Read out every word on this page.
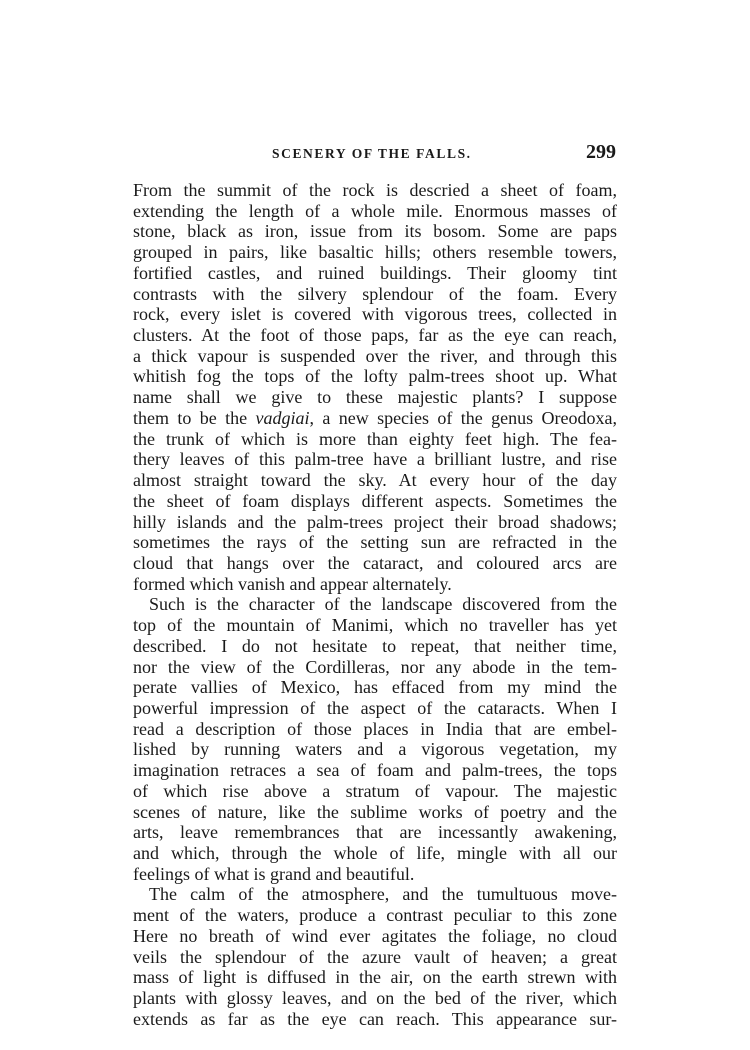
SCENERY OF THE FALLS.	299
From the summit of the rock is descried a sheet of foam,
extending the length of a whole mile. Enormous masses of
stone, black as iron, issue from its bosom. Some are paps
grouped in pairs, like basaltic hills; others resemble towers,
fortified castles, and ruined buildings. Their gloomy tint
contrasts with the silvery splendour of the foam. Every
rock, every islet is covered with vigorous trees, collected in
clusters. At the foot of those paps, far as the eye can reach,
a thick vapour is suspended over the river, and through this
whitish fog the tops of the lofty palm-trees shoot up. What
name shall we give to these majestic plants? I suppose
them to be the vadgiai, a new species of the genus Oreodoxa,
the trunk of which is more than eighty feet high. The fea-
thery leaves of this palm-tree have a brilliant lustre, and rise
almost straight toward the sky. At every hour of the day
the sheet of foam displays different aspects. Sometimes the
hilly islands and the palm-trees project their broad shadows;
sometimes the rays of the setting sun are refracted in the
cloud that hangs over the cataract, and coloured arcs are
formed which vanish and appear alternately.
Such is the character of the landscape discovered from the
top of the mountain of Manimi, which no traveller has yet
described. I do not hesitate to repeat, that neither time,
nor the view of the Cordilleras, nor any abode in the tem-
perate vallies of Mexico, has effaced from my mind the
powerful impression of the aspect of the cataracts. When I
read a description of those places in India that are embel-
lished by running waters and a vigorous vegetation, my
imagination retraces a sea of foam and palm-trees, the tops
of which rise above a stratum of vapour. The majestic
scenes of nature, like the sublime works of poetry and the
arts, leave remembrances that are incessantly awakening,
and which, through the whole of life, mingle with all our
feelings of what is grand and beautiful.
The calm of the atmosphere, and the tumultuous move-
ment of the waters, produce a contrast peculiar to this zone
Here no breath of wind ever agitates the foliage, no cloud
veils the splendour of the azure vault of heaven; a great
mass of light is diffused in the air, on the earth strewn with
plants with glossy leaves, and on the bed of the river, which
extends as far as the eye can reach. This appearance sur-
